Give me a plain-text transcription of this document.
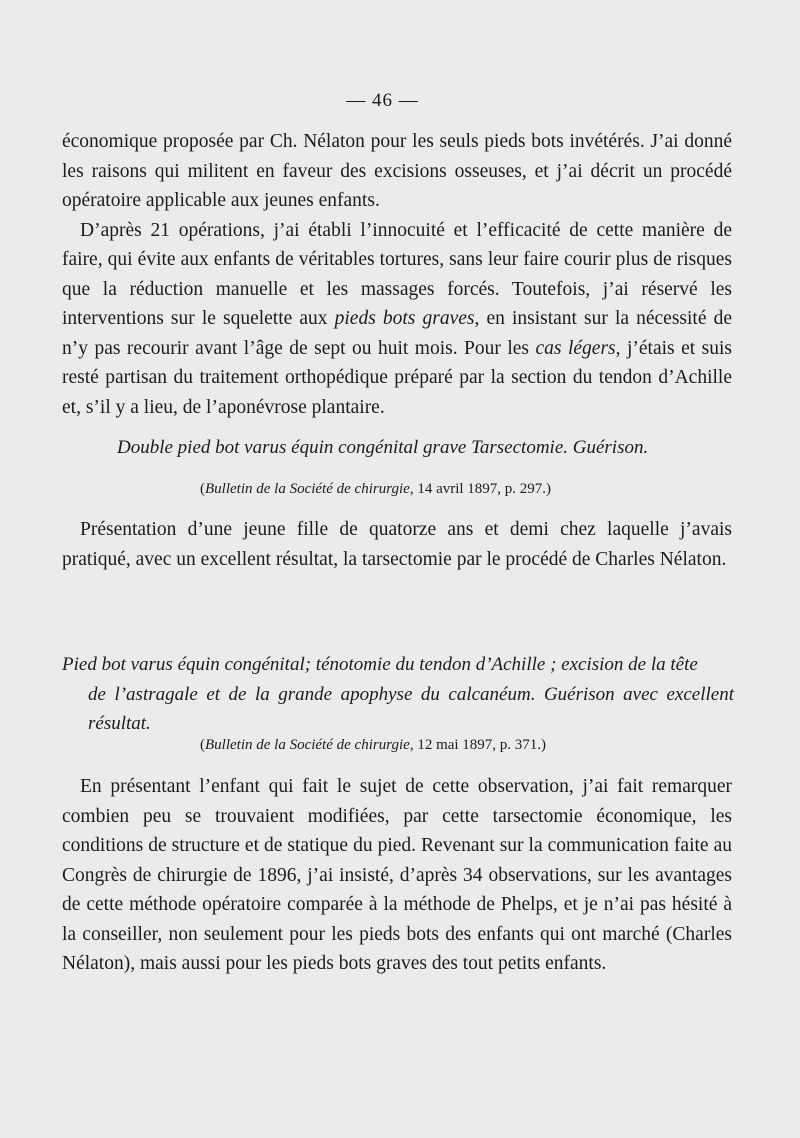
— 46 —

économique proposée par Ch. Nélaton pour les seuls pieds bots invétérés. J’ai donné les raisons qui militent en faveur des excisions osseuses, et j’ai décrit un procédé opératoire applicable aux jeunes enfants.
D’après 21 opérations, j’ai établi l’innocuité et l’efficacité de cette manière de faire, qui évite aux enfants de véritables tortures, sans leur faire courir plus de risques que la réduction manuelle et les massages forcés. Toutefois, j’ai réservé les interventions sur le squelette aux pieds bots graves, en insistant sur la nécessité de n’y pas recourir avant l’âge de sept ou huit mois. Pour les cas légers, j’étais et suis resté partisan du traitement orthopédique préparé par la section du tendon d’Achille et, s’il y a lieu, de l’aponévrose plantaire.

Double pied bot varus équin congénital grave Tarsectomie. Guérison.

(Bulletin de la Société de chirurgie, 14 avril 1897, p. 297.)

Présentation d’une jeune fille de quatorze ans et demi chez laquelle j’avais pratiqué, avec un excellent résultat, la tarsectomie par le procédé de Charles Nélaton.

Pied bot varus équin congénital; ténotomie du tendon d’Achille ; excision de la tête
de l’astragale et de la grande apophyse du calcanéum. Guérison avec excellent résultat.

(Bulletin de la Société de chirurgie, 12 mai 1897, p. 371.)

En présentant l’enfant qui fait le sujet de cette observation, j’ai fait remarquer combien peu se trouvaient modifiées, par cette tarsectomie économique, les conditions de structure et de statique du pied. Revenant sur la communication faite au Congrès de chirurgie de 1896, j’ai insisté, d’après 34 observations, sur les avantages de cette méthode opératoire comparée à la méthode de Phelps, et je n’ai pas hésité à la conseiller, non seulement pour les pieds bots des enfants qui ont marché (Charles Nélaton), mais aussi pour les pieds bots graves des tout petits enfants.
